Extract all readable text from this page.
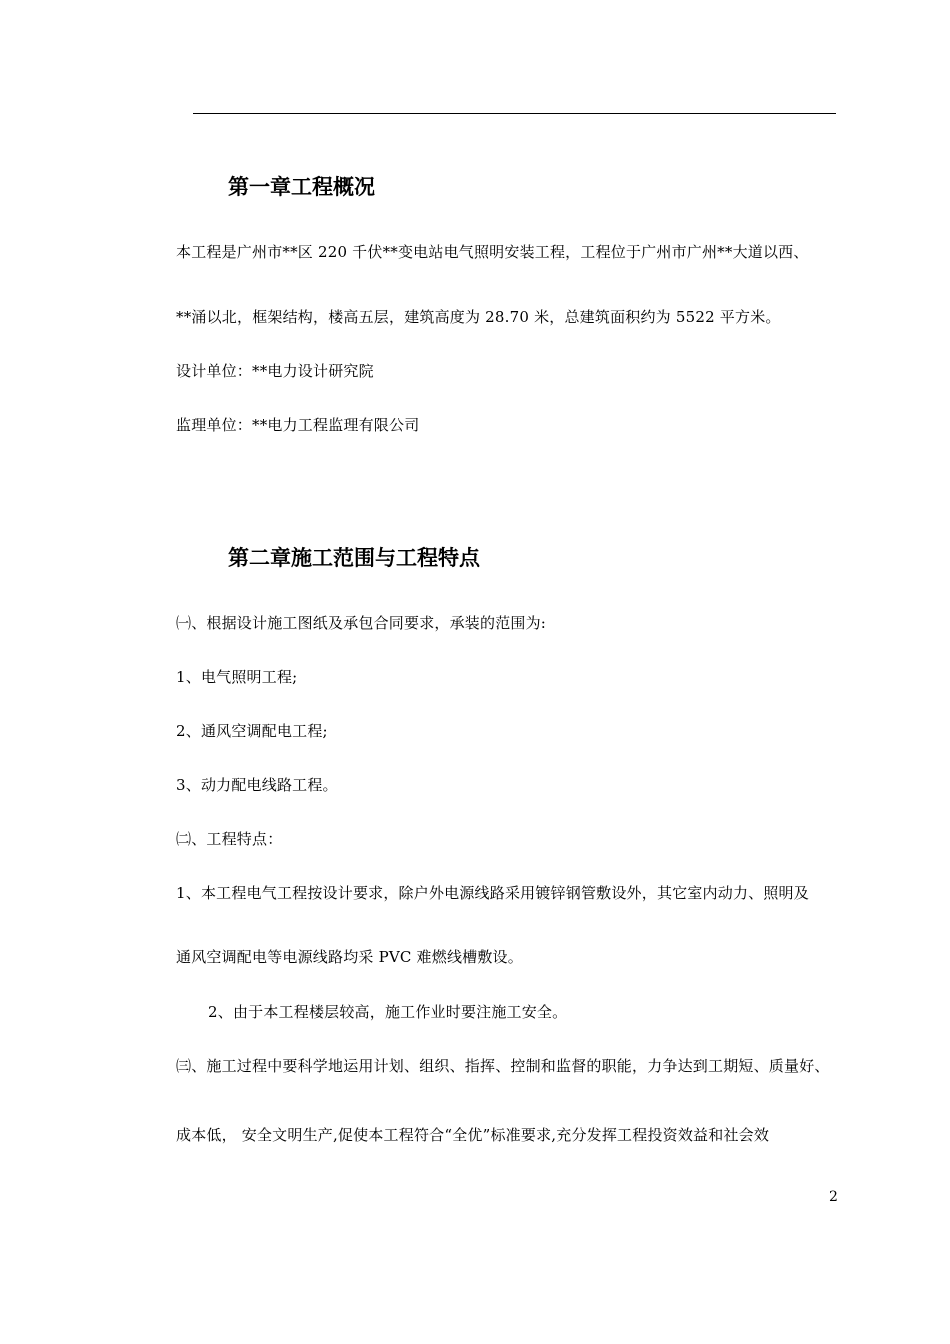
第一章工程概况
本工程是广州市**区 220 千伏**变电站电气照明安装工程，工程位于广州市广州**大道以西、
**涌以北，框架结构，楼高五层，建筑高度为 28.70 米，总建筑面积约为 5522 平方米。
设计单位：**电力设计研究院
监理单位：**电力工程监理有限公司
第二章施工范围与工程特点
㈠、根据设计施工图纸及承包合同要求，承装的范围为:
1、电气照明工程;
2、通风空调配电工程;
3、动力配电线路工程。
㈡、工程特点：
1、本工程电气工程按设计要求，除户外电源线路采用镀锌钢管敷设外，其它室内动力、照明及
通风空调配电等电源线路均采 PVC 难燃线槽敷设。
2、由于本工程楼层较高，施工作业时要注施工安全。
㈢、施工过程中要科学地运用计划、组织、指挥、控制和监督的职能，力争达到工期短、质量好、
成本低， 安全文明生产,促使本工程符合“全优”标准要求,充分发挥工程投资效益和社会效
2
